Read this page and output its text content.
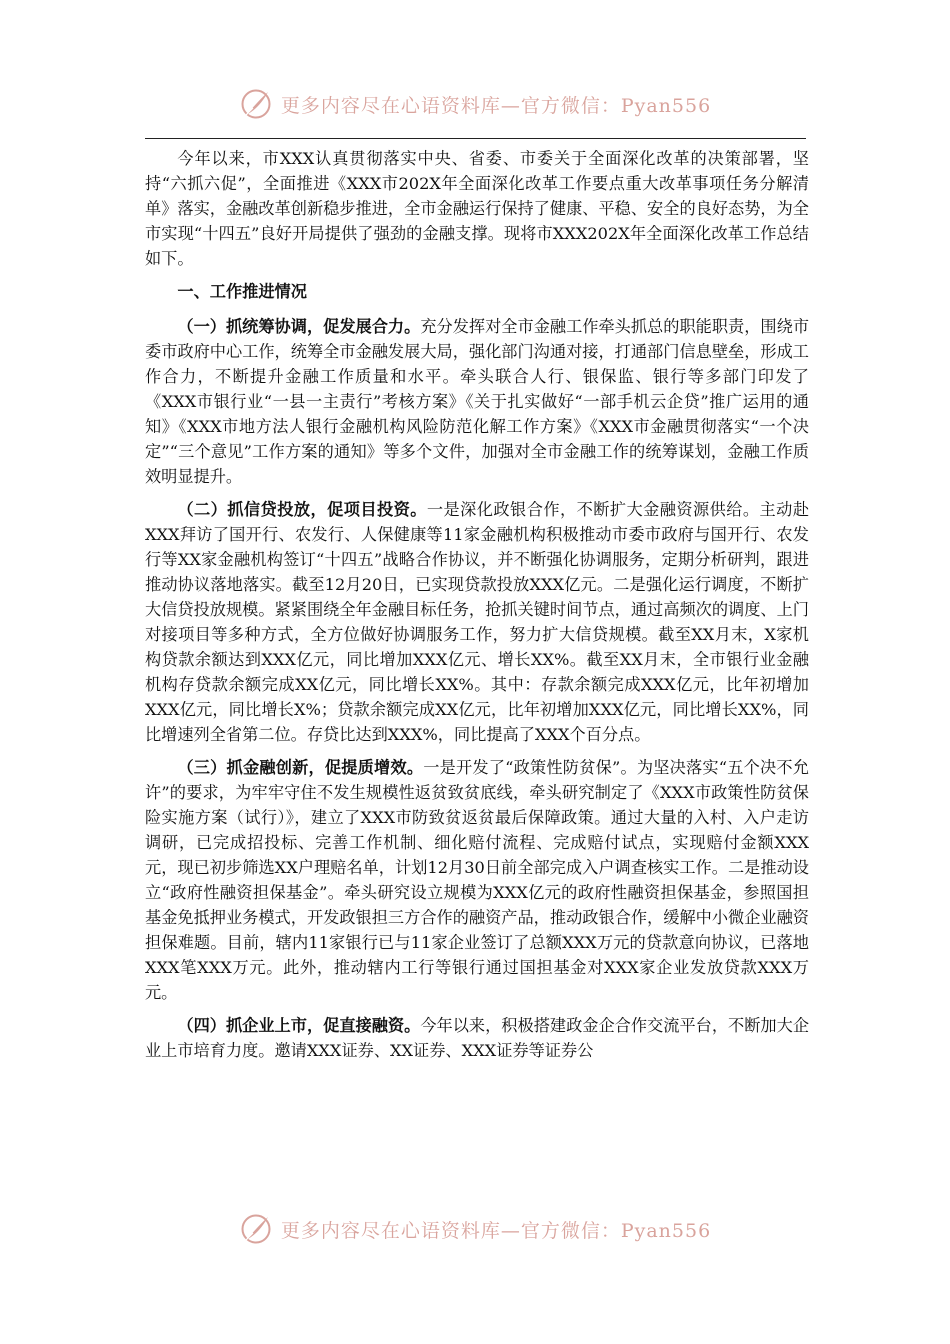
更多内容尽在心语资料库—官方微信：Pyan556

今年以来，市XXX认真贯彻落实中央、省委、市委关于全面深化改革的决策部署，坚持“六抓六促”，全面推进《XXX市202X年全面深化改革工作要点重大改革事项任务分解清单》落实，金融改革创新稳步推进，全市金融运行保持了健康、平稳、安全的良好态势，为全市实现“十四五”良好开局提供了强劲的金融支撑。现将市XXX202X年全面深化改革工作总结如下。

一、工作推进情况

（一）抓统筹协调，促发展合力。充分发挥对全市金融工作牵头抓总的职能职责，围绕市委市政府中心工作，统筹全市金融发展大局，强化部门沟通对接，打通部门信息壁垒，形成工作合力，不断提升金融工作质量和水平。牵头联合人行、银保监、银行等多部门印发了《XXX市银行业“一县一主责行”考核方案》《关于扎实做好“一部手机云企贷”推广运用的通知》《XXX市地方法人银行金融机构风险防范化解工作方案》《XXX市金融贯彻落实“一个决定”“三个意见”工作方案的通知》等多个文件，加强对全市金融工作的统筹谋划，金融工作质效明显提升。

（二）抓信贷投放，促项目投资。一是深化政银合作，不断扩大金融资源供给。主动赴XXX拜访了国开行、农发行、人保健康等11家金融机构积极推动市委市政府与国开行、农发行等XX家金融机构签订“十四五”战略合作协议，并不断强化协调服务，定期分析研判，跟进推动协议落地落实。截至12月20日，已实现贷款投放XXX亿元。二是强化运行调度，不断扩大信贷投放规模。紧紧围绕全年金融目标任务，抢抓关键时间节点，通过高频次的调度、上门对接项目等多种方式，全方位做好协调服务工作，努力扩大信贷规模。截至XX月末，X家机构贷款余额达到XXX亿元，同比增加XXX亿元、增长XX%。截至XX月末，全市银行业金融机构存贷款余额完成XX亿元，同比增长XX%。其中：存款余额完成XXX亿元，比年初增加XXX亿元，同比增长X%；贷款余额完成XX亿元，比年初增加XXX亿元，同比增长XX%，同比增速列全省第二位。存贷比达到XXX%，同比提高了XXX个百分点。

（三）抓金融创新，促提质增效。一是开发了“政策性防贫保”。为坚决落实“五个决不允许”的要求，为牢牢守住不发生规模性返贫致贫底线，牵头研究制定了《XXX市政策性防贫保险实施方案（试行）》，建立了XXX市防致贫返贫最后保障政策。通过大量的入村、入户走访调研，已完成招投标、完善工作机制、细化赔付流程、完成赔付试点，实现赔付金额XXX元，现已初步筛选XX户理赔名单，计划12月30日前全部完成入户调查核实工作。二是推动设立“政府性融资担保基金”。牵头研究设立规模为XXX亿元的政府性融资担保基金，参照国担基金免抵押业务模式，开发政银担三方合作的融资产品，推动政银合作，缓解中小微企业融资担保难题。目前，辖内11家银行已与11家企业签订了总额XXX万元的贷款意向协议，已落地XXX笔XXX万元。此外，推动辖内工行等银行通过国担基金对XXX家企业发放贷款XXX万元。

（四）抓企业上市，促直接融资。今年以来，积极搭建政金企合作交流平台，不断加大企业上市培育力度。邀请XXX证券、XX证券、XXX证券等证券公

更多内容尽在心语资料库—官方微信：Pyan556
